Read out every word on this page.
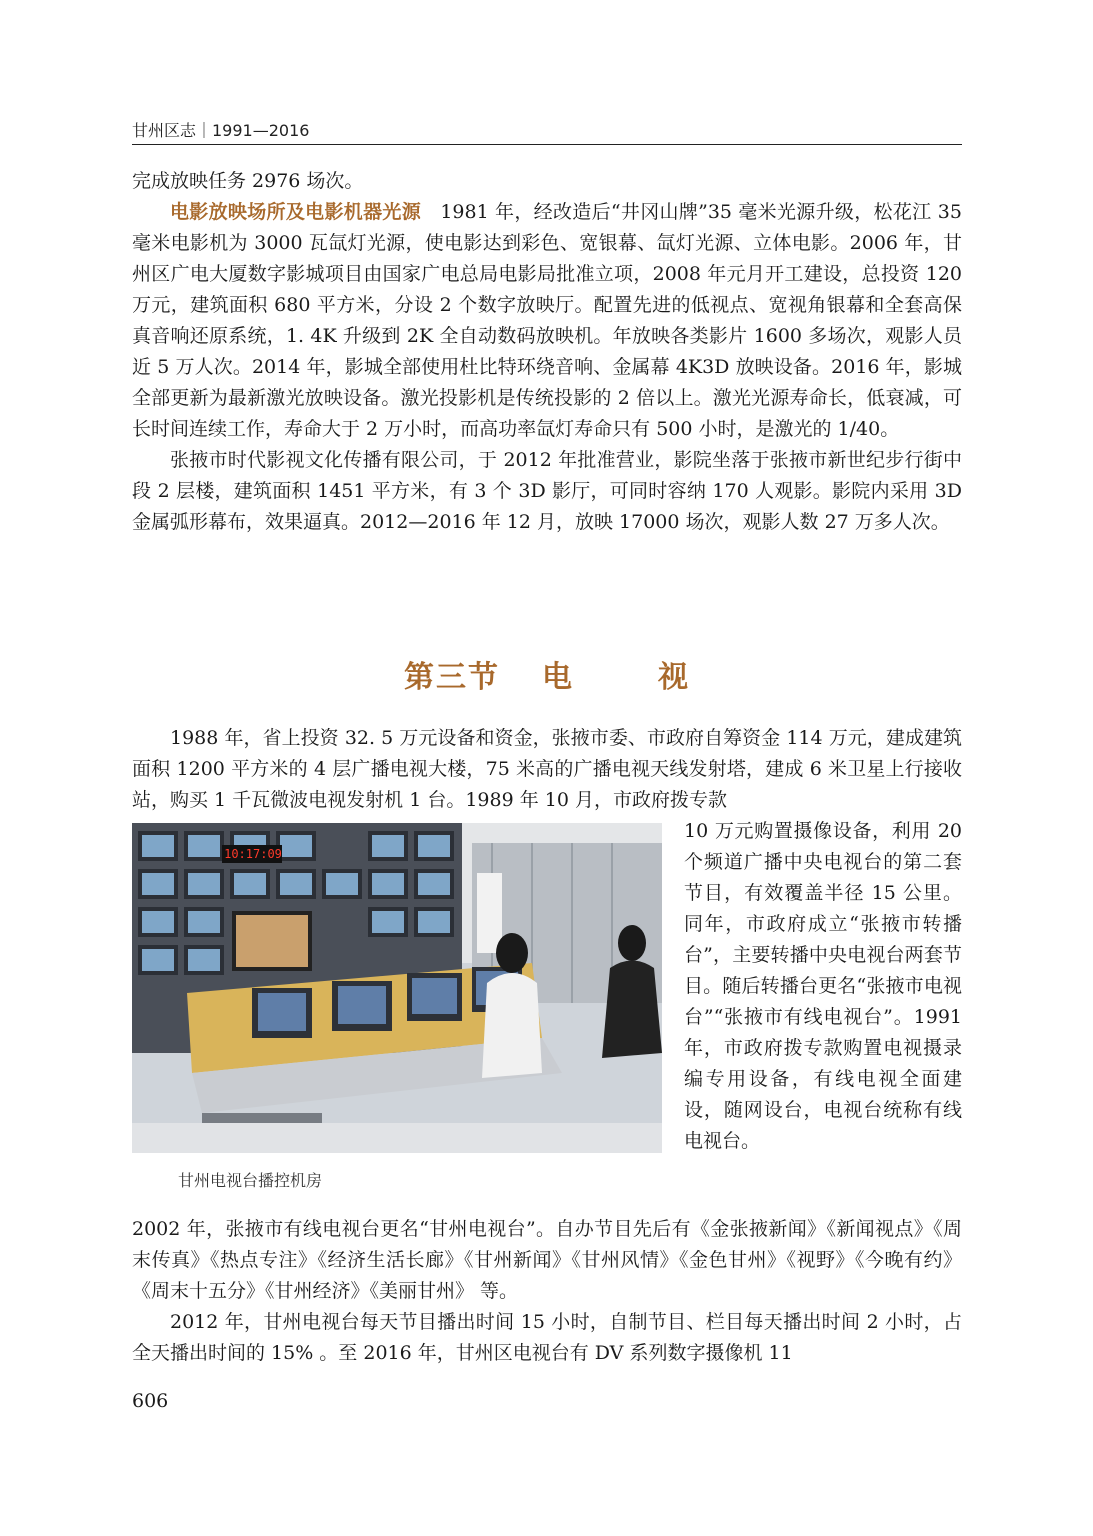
甘州区志｜1991—2016

完成放映任务 2976 场次。

电影放映场所及电影机器光源　1981 年，经改造后“井冈山牌”35 毫米光源升级，松花江 35 毫米电影机为 3000 瓦氙灯光源，使电影达到彩色、宽银幕、氙灯光源、立体电影。2006 年，甘州区广电大厦数字影城项目由国家广电总局电影局批准立项，2008 年元月开工建设，总投资 120 万元，建筑面积 680 平方米，分设 2 个数字放映厅。配置先进的低视点、宽视角银幕和全套高保真音响还原系统，1. 4K 升级到 2K 全自动数码放映机。年放映各类影片 1600 多场次，观影人员近 5 万人次。2014 年，影城全部使用杜比特环绕音响、金属幕 4K3D 放映设备。2016 年，影城全部更新为最新激光放映设备。激光投影机是传统投影的 2 倍以上。激光光源寿命长，低衰减，可长时间连续工作，寿命大于 2 万小时，而高功率氙灯寿命只有 500 小时，是激光的 1/40。

张掖市时代影视文化传播有限公司，于 2012 年批准营业，影院坐落于张掖市新世纪步行街中段 2 层楼，建筑面积 1451 平方米，有 3 个 3D 影厅，可同时容纳 170 人观影。影院内采用 3D 金属弧形幕布，效果逼真。2012—2016 年 12 月，放映 17000 场次，观影人数 27 万多人次。

第三节 电	视

1988 年，省上投资 32. 5 万元设备和资金，张掖市委、市政府自筹资金 114 万元，建成建筑面积 1200 平方米的 4 层广播电视大楼，75 米高的广播电视天线发射塔，建成 6 米卫星上行接收站，购买 1 千瓦微波电视发射机 1 台。1989 年 10 月，市政府拨专款

10:17:09
甘州电视台播控机房

10 万元购置摄像设备，利用 20 个频道广播中央电视台的第二套节目，有效覆盖半径 15 公里。同年，市政府成立“张掖市转播台”，主要转播中央电视台两套节目。随后转播台更名“张掖市电视台”“张掖市有线电视台”。1991 年，市政府拨专款购置电视摄录编专用设备，有线电视全面建设，随网设台，电视台统称有线电视台。

2002 年，张掖市有线电视台更名“甘州电视台”。自办节目先后有《金张掖新闻》《新闻视点》《周末传真》《热点专注》《经济生活长廊》《甘州新闻》《甘州风情》《金色甘州》《视野》《今晚有约》《周末十五分》《甘州经济》《美丽甘州》 等。

2012 年，甘州电视台每天节目播出时间 15 小时，自制节目、栏目每天播出时间 2 小时，占全天播出时间的 15% 。至 2016 年，甘州区电视台有 DV 系列数字摄像机 11

606
